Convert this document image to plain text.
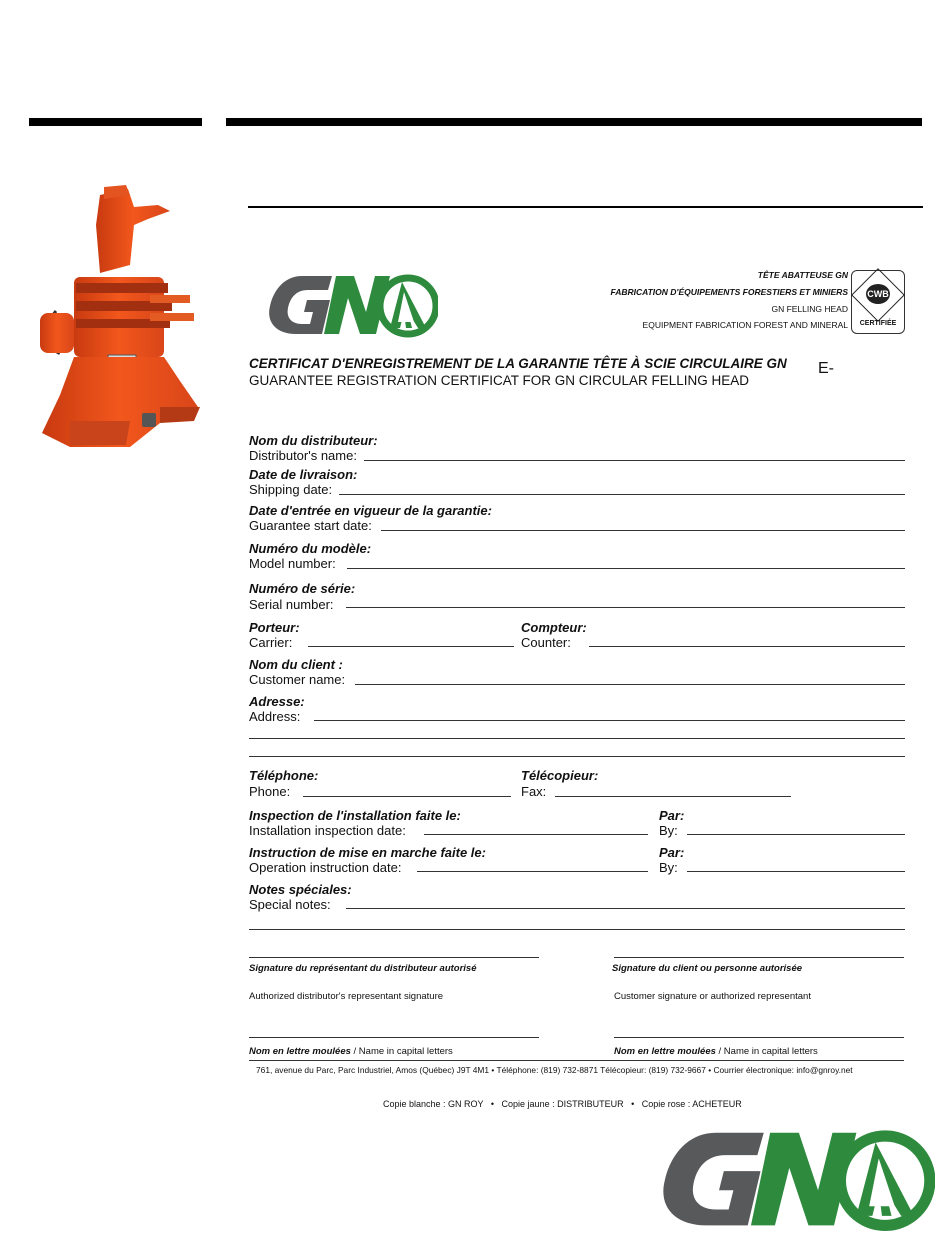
TÊTE ABATTEUSE GN
FABRICATION D'ÉQUIPEMENTS FORESTIERS ET MINIERS
GN FELLING HEAD
EQUIPMENT FABRICATION FOREST AND MINERAL
CWB
CERTIFIÉE
CERTIFICAT D'ENREGISTREMENT DE LA GARANTIE TÊTE À SCIE CIRCULAIRE GN
GUARANTEE REGISTRATION CERTIFICAT FOR GN CIRCULAR FELLING HEAD
E-
Nom du distributeur:
Distributor's name:
Date de livraison:
Shipping date:
Date d'entrée en vigueur de la garantie:
Guarantee start date:
Numéro du modèle:
Model number:
Numéro de série:
Serial number:
Porteur:
Carrier:
Compteur:
Counter:
Nom du client :
Customer name:
Adresse:
Address:
Téléphone:
Phone:
Télécopieur:
Fax:
Inspection de l'installation faite le:
Installation inspection date:
Par:
By:
Instruction de mise en marche faite le:
Operation instruction date:
Par:
By:
Notes spéciales:
Special notes:
Signature du représentant du distributeur autorisé	Signature du client ou personne autorisée
Authorized distributor's representant signature	Customer signature or authorized representant
Nom en lettre moulées / Name in capital letters	Nom en lettre moulées / Name in capital letters
761, avenue du Parc, Parc Industriel, Amos (Québec) J9T 4M1 • Téléphone: (819) 732-8871 Télécopieur: (819) 732-9667 • Courrier électronique: info@gnroy.net
Copie blanche : GN ROY   •   Copie jaune : DISTRIBUTEUR   •   Copie rose : ACHETEUR
